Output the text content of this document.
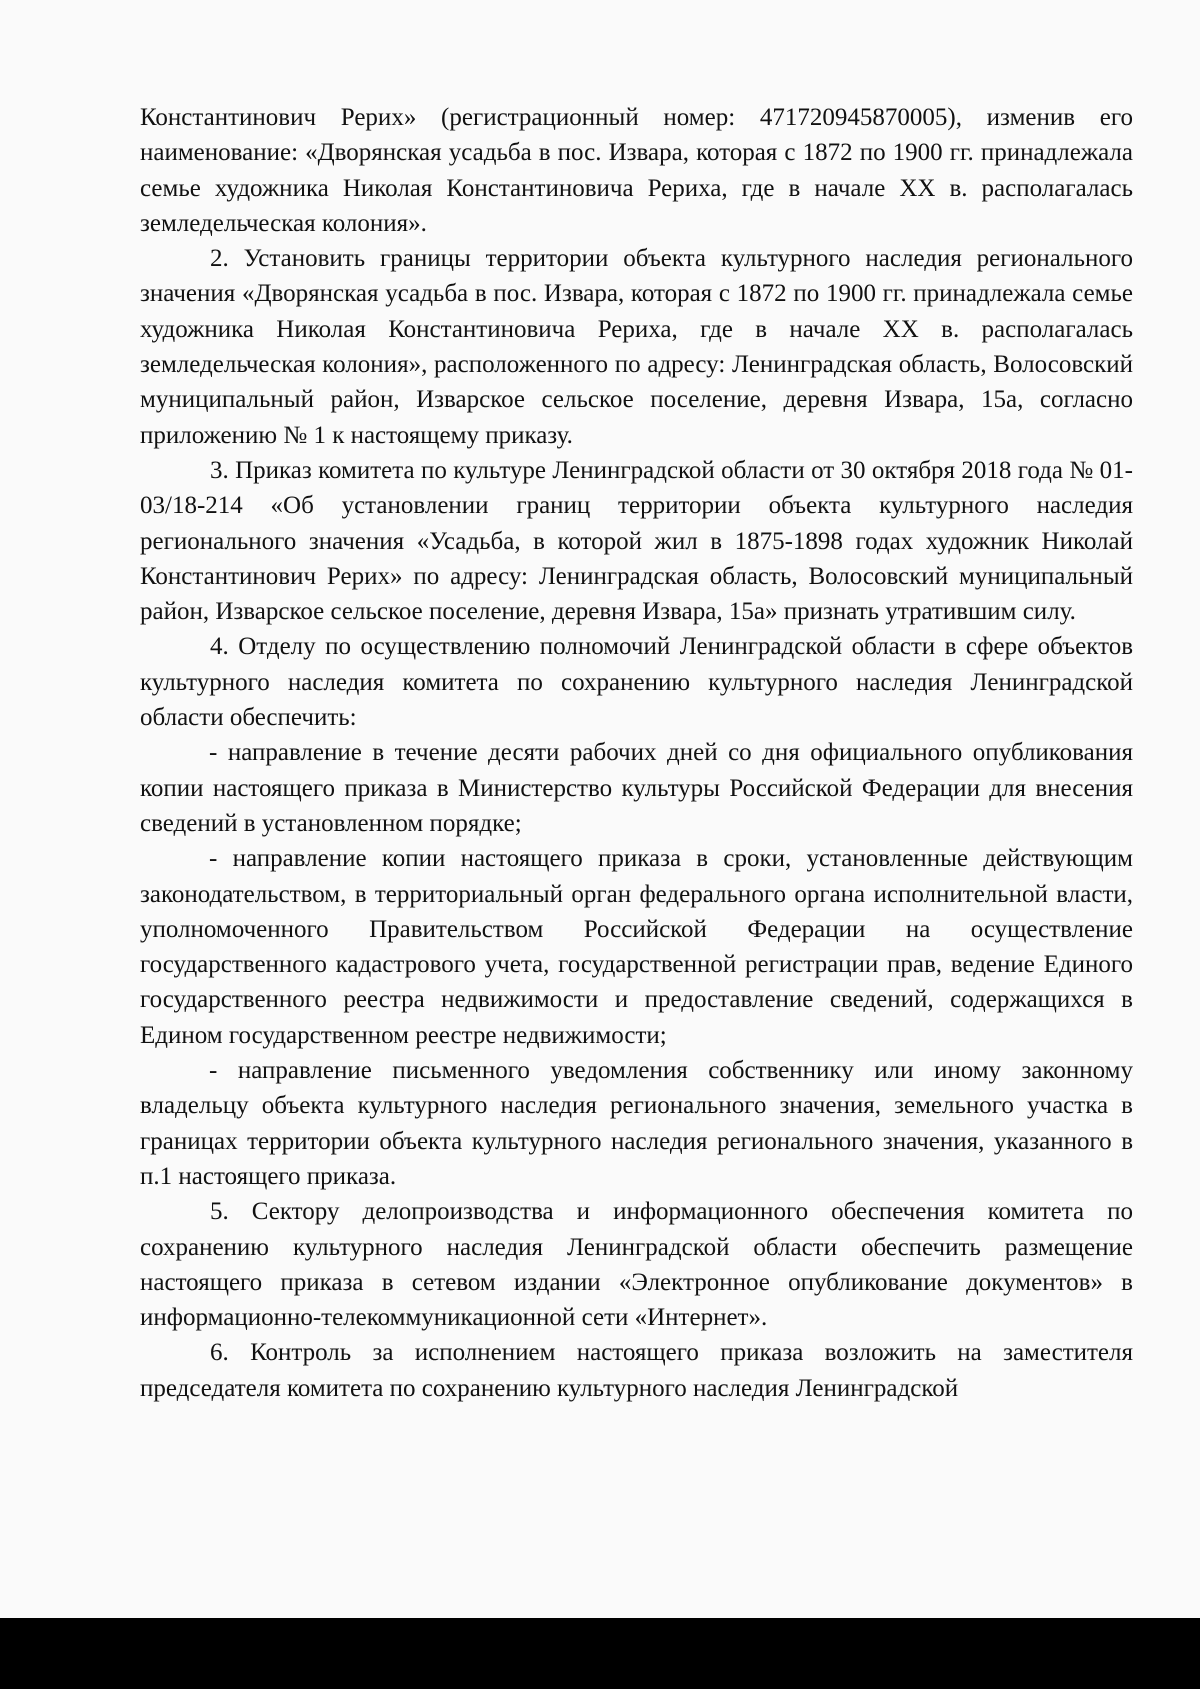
Константинович Рерих» (регистрационный номер: 471720945870005), изменив его наименование: «Дворянская усадьба в пос. Извара, которая с 1872 по 1900 гг. принадлежала семье художника Николая Константиновича Рериха, где в начале XX в. располагалась земледельческая колония».

2. Установить границы территории объекта культурного наследия регионального значения «Дворянская усадьба в пос. Извара, которая с 1872 по 1900 гг. принадлежала семье художника Николая Константиновича Рериха, где в начале XX в. располагалась земледельческая колония», расположенного по адресу: Ленинградская область, Волосовский муниципальный район, Изварское сельское поселение, деревня Извара, 15а, согласно приложению № 1 к настоящему приказу.

3. Приказ комитета по культуре Ленинградской области от 30 октября 2018 года № 01-03/18-214 «Об установлении границ территории объекта культурного наследия регионального значения «Усадьба, в которой жил в 1875-1898 годах художник Николай Константинович Рерих» по адресу: Ленинградская область, Волосовский муниципальный район, Изварское сельское поселение, деревня Извара, 15а» признать утратившим силу.

4. Отделу по осуществлению полномочий Ленинградской области в сфере объектов культурного наследия комитета по сохранению культурного наследия Ленинградской области обеспечить:

- направление в течение десяти рабочих дней со дня официального опубликования копии настоящего приказа в Министерство культуры Российской Федерации для внесения сведений в установленном порядке;

- направление копии настоящего приказа в сроки, установленные действующим законодательством, в территориальный орган федерального органа исполнительной власти, уполномоченного Правительством Российской Федерации на осуществление государственного кадастрового учета, государственной регистрации прав, ведение Единого государственного реестра недвижимости и предоставление сведений, содержащихся в Едином государственном реестре недвижимости;

- направление письменного уведомления собственнику или иному законному владельцу объекта культурного наследия регионального значения, земельного участка в границах территории объекта культурного наследия регионального значения, указанного в п.1 настоящего приказа.

5. Сектору делопроизводства и информационного обеспечения комитета по сохранению культурного наследия Ленинградской области обеспечить размещение настоящего приказа в сетевом издании «Электронное опубликование документов» в информационно-телекоммуникационной сети «Интернет».

6. Контроль за исполнением настоящего приказа возложить на заместителя председателя комитета по сохранению культурного наследия Ленинградской
